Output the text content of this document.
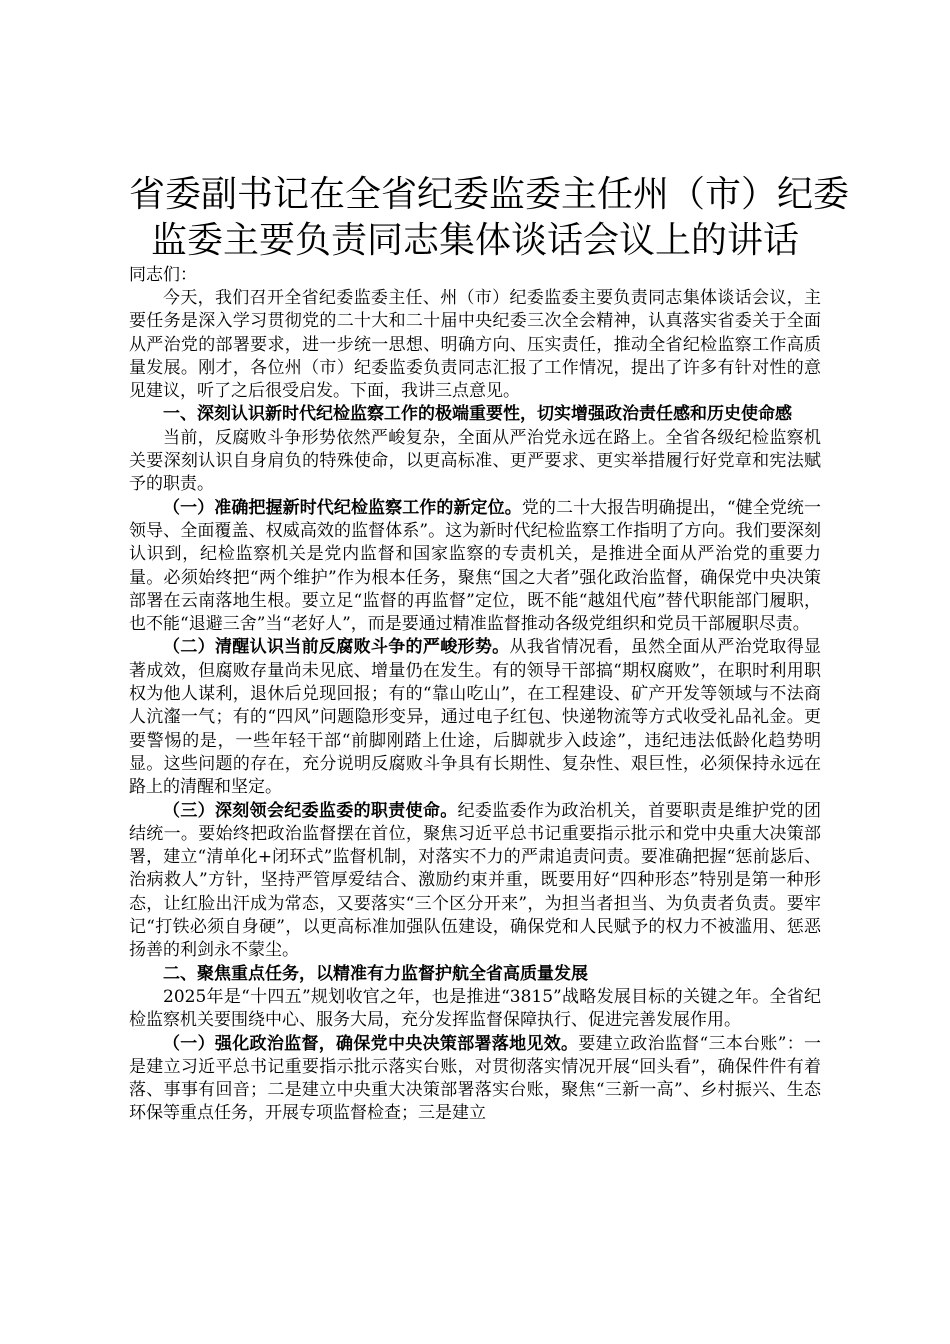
省委副书记在全省纪委监委主任州（市）纪委
监委主要负责同志集体谈话会议上的讲话

同志们：

今天，我们召开全省纪委监委主任、州（市）纪委监委主要负责同志集体谈话会议，主要任务是深入学习贯彻党的二十大和二十届中央纪委三次全会精神，认真落实省委关于全面从严治党的部署要求，进一步统一思想、明确方向、压实责任，推动全省纪检监察工作高质量发展。刚才，各位州（市）纪委监委负责同志汇报了工作情况，提出了许多有针对性的意见建议，听了之后很受启发。下面，我讲三点意见。

一、深刻认识新时代纪检监察工作的极端重要性，切实增强政治责任感和历史使命感

当前，反腐败斗争形势依然严峻复杂，全面从严治党永远在路上。全省各级纪检监察机关要深刻认识自身肩负的特殊使命，以更高标准、更严要求、更实举措履行好党章和宪法赋予的职责。

（一）准确把握新时代纪检监察工作的新定位。党的二十大报告明确提出，“健全党统一领导、全面覆盖、权威高效的监督体系”。这为新时代纪检监察工作指明了方向。我们要深刻认识到，纪检监察机关是党内监督和国家监察的专责机关，是推进全面从严治党的重要力量。必须始终把“两个维护”作为根本任务，聚焦“国之大者”强化政治监督，确保党中央决策部署在云南落地生根。要立足“监督的再监督”定位，既不能“越俎代庖”替代职能部门履职，也不能“退避三舍”当“老好人”，而是要通过精准监督推动各级党组织和党员干部履职尽责。

（二）清醒认识当前反腐败斗争的严峻形势。从我省情况看，虽然全面从严治党取得显著成效，但腐败存量尚未见底、增量仍在发生。有的领导干部搞“期权腐败”，在职时利用职权为他人谋利，退休后兑现回报；有的“靠山吃山”，在工程建设、矿产开发等领域与不法商人沆瀣一气；有的“四风”问题隐形变异，通过电子红包、快递物流等方式收受礼品礼金。更要警惕的是，一些年轻干部“前脚刚踏上仕途，后脚就步入歧途”，违纪违法低龄化趋势明显。这些问题的存在，充分说明反腐败斗争具有长期性、复杂性、艰巨性，必须保持永远在路上的清醒和坚定。

（三）深刻领会纪委监委的职责使命。纪委监委作为政治机关，首要职责是维护党的团结统一。要始终把政治监督摆在首位，聚焦习近平总书记重要指示批示和党中央重大决策部署，建立“清单化+闭环式”监督机制，对落实不力的严肃追责问责。要准确把握“惩前毖后、治病救人”方针，坚持严管厚爱结合、激励约束并重，既要用好“四种形态”特别是第一种形态，让红脸出汗成为常态，又要落实“三个区分开来”，为担当者担当、为负责者负责。要牢记“打铁必须自身硬”，以更高标准加强队伍建设，确保党和人民赋予的权力不被滥用、惩恶扬善的利剑永不蒙尘。

二、聚焦重点任务，以精准有力监督护航全省高质量发展

2025年是“十四五”规划收官之年，也是推进“3815”战略发展目标的关键之年。全省纪检监察机关要围绕中心、服务大局，充分发挥监督保障执行、促进完善发展作用。

（一）强化政治监督，确保党中央决策部署落地见效。要建立政治监督“三本台账”：一是建立习近平总书记重要指示批示落实台账，对贯彻落实情况开展“回头看”，确保件件有着落、事事有回音；二是建立中央重大决策部署落实台账，聚焦“三新一高”、乡村振兴、生态环保等重点任务，开展专项监督检查；三是建立
